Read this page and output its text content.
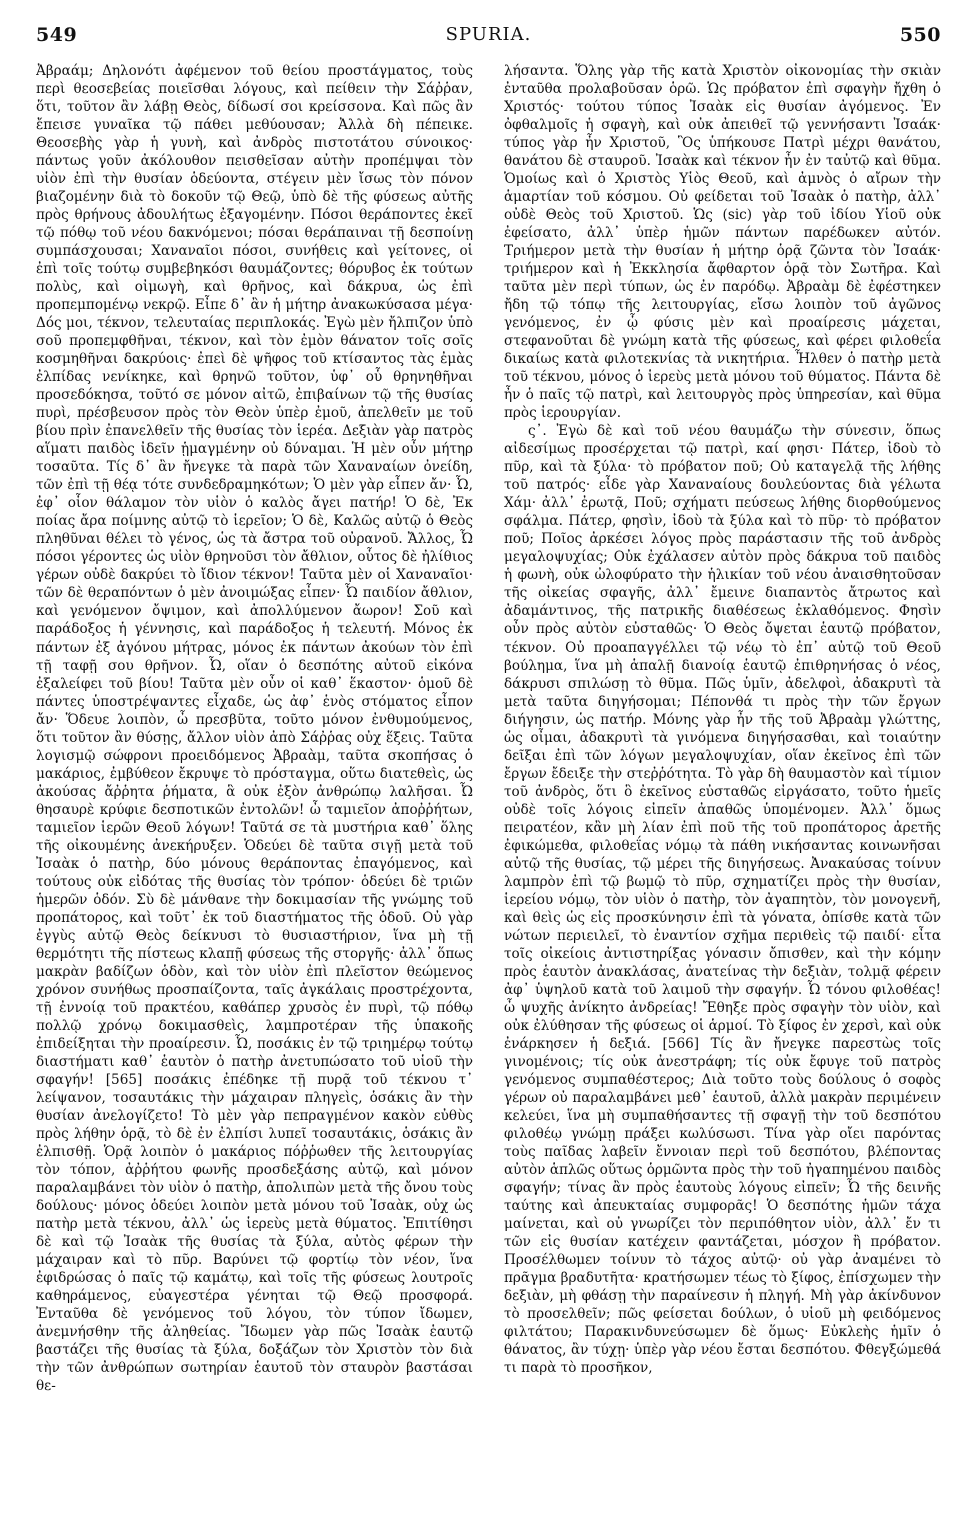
549	SPURIA.	550

Ἀβραάμ; Δηλονότι ἀφέμενον τοῦ θείου προστάγματος, τοὺς περὶ θεοσεβείας ποιεῖσθαι λόγους, καὶ πείθειν τὴν Σάῤῥαν, ὅτι, τοῦτον ἂν λάβῃ Θεὸς, δίδωσί σοι κρείσσονα. Καὶ πῶς ἂν ἔπεισε γυναῖκα τῷ πάθει μεθύουσαν; Ἀλλὰ δὴ πέπεικε. Θεοσεβὴς γὰρ ἡ γυνὴ, καὶ ἀνδρὸς πιστοτάτου σύνοικος· πάντως γοῦν ἀκόλουθον πεισθεῖσαν αὐτὴν προπέμψαι τὸν υἱὸν ἐπὶ τὴν θυσίαν ὁδεύοντα, στέγειν μὲν ἴσως τὸν πόνον βιαζομένην διὰ τὸ δοκοῦν τῷ Θεῷ, ὑπὸ δὲ τῆς φύσεως αὐτῆς πρὸς θρήνους ἀδουλήτως ἐξαγομένην. Πόσοι θεράποντες ἐκεῖ τῷ πόθῳ τοῦ νέου δακνόμενοι; πόσαι θεράπαιναι τῇ δεσποίνῃ συμπάσχουσαι; Χαναναῖοι πόσοι, συνήθεις καὶ γείτονες, οἱ ἐπὶ τοῖς τούτῳ συμβεβηκόσι θαυμάζοντες; θόρυβος ἐκ τούτων πολὺς, καὶ οἰμωγὴ, καὶ θρῆνος, καὶ δάκρυα, ὡς ἐπὶ προπεμπομένῳ νεκρῷ. Εἶπε δ᾽ ἂν ἡ μήτηρ ἀνακωκύσασα μέγα· Δός μοι, τέκνον, τελευταίας περιπλοκάς. Ἐγὼ μὲν ἤλπιζον ὑπὸ σοῦ προπεμφθῆναι, τέκνον, καὶ τὸν ἐμὸν θάνατον τοῖς σοῖς κοσμηθῆναι δακρύοις· ἐπεὶ δὲ ψῆφος τοῦ κτίσαντος τὰς ἐμὰς ἐλπίδας νενίκηκε, καὶ θρηνῶ τοῦτον, ὑφ᾽ οὗ θρηνηθῆναι προσεδόκησα, τοῦτό σε μόνον αἰτῶ, ἐπιβαίνων τῷ τῆς θυσίας πυρὶ, πρέσβευσον πρὸς τὸν Θεὸν ὑπὲρ ἐμοῦ, ἀπελθεῖν με τοῦ βίου πρὶν ἐπανελθεῖν τῆς θυσίας τὸν ἱερέα. Δεξιὰν γὰρ πατρὸς αἵματι παιδὸς ἰδεῖν ᾑμαγμένην οὐ δύναμαι. Ἡ μὲν οὖν μήτηρ τοσαῦτα. Τίς δ᾽ ἂν ἤνεγκε τὰ παρὰ τῶν Χαναναίων ὀνείδη, τῶν ἐπὶ τῇ θέᾳ τότε συνδεδραμηκότων; Ὁ μὲν γὰρ εἶπεν ἄν· Ὦ, ἐφ᾽ οἷον θάλαμον τὸν υἱὸν ὁ καλὸς ἄγει πατήρ! Ὁ δὲ, Ἐκ ποίας ἄρα ποίμνης αὐτῷ τὸ ἱερεῖον; Ὁ δὲ, Καλῶς αὐτῷ ὁ Θεὸς πληθῦναι θέλει τὸ γένος, ὡς τὰ ἄστρα τοῦ οὐρανοῦ. Ἄλλος, Ὦ πόσοι γέροντες ὡς υἱὸν θρηνοῦσι τὸν ἄθλιον, οὗτος δὲ ἠλίθιος γέρων οὐδὲ δακρύει τὸ ἴδιον τέκνον! Ταῦτα μὲν οἱ Χαναναῖοι· τῶν δὲ θεραπόντων ὁ μὲν ἀνοιμώξας εἶπεν· Ὦ παιδίον ἄθλιον, καὶ γενόμενον ὄψιμον, καὶ ἀπολλύμενον ἄωρον! Σοῦ καὶ παράδοξος ἡ γέννησις, καὶ παράδοξος ἡ τελευτή. Μόνος ἐκ πάντων ἐξ ἀγόνου μήτρας, μόνος ἐκ πάντων ἀκούων τὸν ἐπὶ τῇ ταφῇ σου θρῆνον. Ὦ, οἵαν ὁ δεσπότης αὐτοῦ εἰκόνα ἐξαλείφει τοῦ βίου! Ταῦτα μὲν οὖν οἱ καθ᾽ ἕκαστον· ὁμοῦ δὲ πάντες ὑποστρέψαντες εἶχαδε, ὡς ἀφ᾽ ἑνὸς στόματος εἶπον ἄν· Ὅδευε λοιπὸν, ὦ πρεσβῦτα, τοῦτο μόνον ἐνθυμούμενος, ὅτι τοῦτον ἂν θύσῃς, ἄλλον υἱὸν ἀπὸ Σάῤῥας οὐχ ἕξεις. Ταῦτα λογισμῷ σώφρονι προειδόμενος Ἀβραὰμ, ταῦτα σκοπήσας ὁ μακάριος, ἐμβύθεον ἔκρυψε τὸ πρόσταγμα, οὕτω διατεθεὶς, ὡς ἀκούσας ἄῤῥητα ῥήματα, ἃ οὐκ ἐξὸν ἀνθρώπῳ λαλῆσαι. Ὦ θησαυρὲ κρύφιε δεσποτικῶν ἐντολῶν! ὦ ταμιεῖον ἀποῤῥήτων, ταμιεῖον ἱερῶν Θεοῦ λόγων! Ταῦτά σε τὰ μυστήρια καθ᾽ ὅλης τῆς οἰκουμένης ἀνεκήρυξεν. Ὁδεύει δὲ ταῦτα σιγῇ μετὰ τοῦ Ἰσαὰκ ὁ πατὴρ, δύο μόνους θεράποντας ἐπαγόμενος, καὶ τούτους οὐκ εἰδότας τῆς θυσίας τὸν τρόπον· ὁδεύει δὲ τριῶν ἡμερῶν ὁδόν. Σὺ δὲ μάνθανε τὴν δοκιμασίαν τῆς γνώμης τοῦ προπάτορος, καὶ τοῦτ᾽ ἐκ τοῦ διαστήματος τῆς ὁδοῦ. Οὐ γὰρ ἐγγὺς αὐτῷ Θεὸς δείκνυσι τὸ θυσιαστήριον, ἵνα μὴ τῇ θερμότητι τῆς πίστεως κλαπῇ φύσεως τῆς στοργῆς· ἀλλ᾽ ὅπως μακρὰν βαδίζων ὁδὸν, καὶ τὸν υἱὸν ἐπὶ πλεῖστον θεώμενος χρόνον συνήθως προσπαίζοντα, ταῖς ἀγκάλαις προστρέχοντα, τῇ ἐννοίᾳ τοῦ πρακτέου, καθάπερ χρυσὸς ἐν πυρὶ, τῷ πόθῳ πολλῷ χρόνῳ δοκιμασθεὶς, λαμπροτέραν τῆς ὑπακοῆς ἐπιδείξηται τὴν προαίρεσιν. Ὦ, ποσάκις ἐν τῷ τριημέρῳ τούτῳ διαστήματι καθ᾽ ἑαυτὸν ὁ πατὴρ ἀνετυπώσατο τοῦ υἱοῦ τὴν σφαγήν! [565] ποσάκις ἐπέδηκε τῇ πυρᾷ τοῦ τέκνου τ᾽ λείψανον, τοσαυτάκις τὴν μάχαιραν πληγεὶς, ὁσάκις ἂν τὴν θυσίαν ἀνελογίζετο! Τὸ μὲν γὰρ πεπραγμένον κακὸν εὐθὺς πρὸς λήθην ὁρᾷ, τὸ δὲ ἐν ἐλπίσι λυπεῖ τοσαυτάκις, ὁσάκις ἂν ἐλπισθῇ. Ὁρᾷ λοιπὸν ὁ μακάριος πόῤῥωθεν τῆς λειτουργίας τὸν τόπον, ἀῤῥήτου φωνῆς προσδεξάσης αὐτῷ, καὶ μόνον παραλαμβάνει τὸν υἱὸν ὁ πατὴρ, ἀπολιπὼν μετὰ τῆς ὄνου τοὺς δούλους· μόνος ὁδεύει λοιπὸν μετὰ μόνου τοῦ Ἰσαὰκ, οὐχ ὡς πατὴρ μετὰ τέκνου, ἀλλ᾽ ὡς ἱερεὺς μετὰ θύματος. Ἐπιτίθησι δὲ καὶ τῷ Ἰσαὰκ τῆς θυσίας τὰ ξύλα, αὐτὸς φέρων τὴν μάχαιραν καὶ τὸ πῦρ. Βαρύνει τῷ φορτίῳ τὸν νέον, ἵνα ἐφιδρώσας ὁ παῖς τῷ καμάτῳ, καὶ τοῖς τῆς φύσεως λουτροῖς καθηράμενος, εὐαγεστέρα γένηται τῷ Θεῷ προσφορά. Ἐνταῦθα δὲ γενόμενος τοῦ λόγου, τὸν τύπον ἴδωμεν, ἀνεμνήσθην τῆς ἀληθείας. Ἴδωμεν γὰρ πῶς Ἰσαὰκ ἑαυτῷ βαστάζει τῆς θυσίας τὰ ξύλα, δοξάζων τὸν Χριστὸν τὸν διὰ τὴν τῶν ἀνθρώπων σωτηρίαν ἑαυτοῦ τὸν σταυρὸν βαστάσαι θε-

λήσαντα. Ὅλης γὰρ τῆς κατὰ Χριστὸν οἰκονομίας τὴν σκιὰν ἐνταῦθα προλαβοῦσαν ὁρῶ. Ὡς πρόβατον ἐπὶ σφαγὴν ἤχθη ὁ Χριστός· τούτου τύπος Ἰσαὰκ εἰς θυσίαν ἀγόμενος. Ἐν ὀφθαλμοῖς ἡ σφαγὴ, καὶ οὐκ ἀπειθεῖ τῷ γεννήσαντι Ἰσαάκ· τύπος γὰρ ἦν Χριστοῦ, Ὃς ὑπήκουσε Πατρὶ μέχρι θανάτου, θανάτου δὲ σταυροῦ. Ἰσαὰκ καὶ τέκνον ἦν ἐν ταὐτῷ καὶ θῦμα. Ὁμοίως καὶ ὁ Χριστὸς Υἱὸς Θεοῦ, καὶ ἀμνὸς ὁ αἴρων τὴν ἁμαρτίαν τοῦ κόσμου. Οὐ φείδεται τοῦ Ἰσαὰκ ὁ πατὴρ, ἀλλ᾽ οὐδὲ Θεὸς τοῦ Χριστοῦ. Ὡς (sic) γὰρ τοῦ ἰδίου Υἱοῦ οὐκ ἐφείσατο, ἀλλ᾽ ὑπὲρ ἡμῶν πάντων παρέδωκεν αὐτόν. Τριήμερον μετὰ τὴν θυσίαν ἡ μήτηρ ὁρᾷ ζῶντα τὸν Ἰσαάκ· τριήμερον καὶ ἡ Ἐκκλησία ἄφθαρτον ὁρᾷ τὸν Σωτῆρα. Καὶ ταῦτα μὲν περὶ τύπων, ὡς ἐν παρόδῳ. Ἀβραὰμ δὲ ἐφέστηκεν ἤδη τῷ τόπῳ τῆς λειτουργίας, εἴσω λοιπὸν τοῦ ἀγῶνος γενόμενος, ἐν ᾧ φύσις μὲν καὶ προαίρεσις μάχεται, στεφανοῦται δὲ γνώμη κατὰ τῆς φύσεως, καὶ φέρει φιλοθεΐα δικαίως κατὰ φιλοτεκνίας τὰ νικητήρια. Ἦλθεν ὁ πατὴρ μετὰ τοῦ τέκνου, μόνος ὁ ἱερεὺς μετὰ μόνου τοῦ θύματος. Πάντα δὲ ἦν ὁ παῖς τῷ πατρὶ, καὶ λειτουργὸς πρὸς ὑπηρεσίαν, καὶ θῦμα πρὸς ἱερουργίαν.

ς᾽. Ἐγὼ δὲ καὶ τοῦ νέου θαυμάζω τὴν σύνεσιν, ὅπως αἰδεσίμως προσέρχεται τῷ πατρὶ, καί φησι· Πάτερ, ἰδοὺ τὸ πῦρ, καὶ τὰ ξύλα· τὸ πρόβατον ποῦ; Οὐ καταγελᾷ τῆς λήθης τοῦ πατρός· εἶδε γὰρ Χαναναίους δουλεύοντας διὰ γέλωτα Χάμ· ἀλλ᾽ ἐρωτᾷ, Ποῦ; σχήματι πεύσεως λήθης διορθούμενος σφάλμα. Πάτερ, φησὶν, ἰδοὺ τὰ ξύλα καὶ τὸ πῦρ· τὸ πρόβατον ποῦ; Ποῖος ἀρκέσει λόγος πρὸς παράστασιν τῆς τοῦ ἀνδρὸς μεγαλοψυχίας; Οὐκ ἐχάλασεν αὐτὸν πρὸς δάκρυα τοῦ παιδὸς ἡ φωνὴ, οὐκ ὠλοφύρατο τὴν ἡλικίαν τοῦ νέου ἀναισθητοῦσαν τῆς οἰκείας σφαγῆς, ἀλλ᾽ ἔμεινε διαπαντὸς ἄτρωτος καὶ ἀδαμάντινος, τῆς πατρικῆς διαθέσεως ἐκλαθόμενος. Φησὶν οὖν πρὸς αὐτὸν εὐσταθῶς· Ὁ Θεὸς ὄψεται ἑαυτῷ πρόβατον, τέκνον. Οὐ προαπαγγέλλει τῷ νέῳ τὸ ἐπ᾽ αὐτῷ τοῦ Θεοῦ βούλημα, ἵνα μὴ ἁπαλῇ διανοίᾳ ἑαυτῷ ἐπιθρηνήσας ὁ νέος, δάκρυσι σπιλώσῃ τὸ θῦμα. Πῶς ὑμῖν, ἀδελφοὶ, ἀδακρυτὶ τὰ μετὰ ταῦτα διηγήσομαι; Πέπονθά τι πρὸς τὴν τῶν ἔργων διήγησιν, ὡς πατήρ. Μόνης γὰρ ἦν τῆς τοῦ Ἀβραὰμ γλώττης, ὡς οἶμαι, ἀδακρυτὶ τὰ γινόμενα διηγήσασθαι, καὶ τοιαύτην δεῖξαι ἐπὶ τῶν λόγων μεγαλοψυχίαν, οἵαν ἐκεῖνος ἐπὶ τῶν ἔργων ἔδειξε τὴν στεῤῥότητα. Τὸ γὰρ δὴ θαυμαστὸν καὶ τίμιον τοῦ ἀνδρὸς, ὅτι ὃ ἐκεῖνος εὐσταθῶς εἰργάσατο, τοῦτο ἡμεῖς οὐδὲ τοῖς λόγοις εἰπεῖν ἀπαθῶς ὑπομένομεν. Ἀλλ᾽ ὅμως πειρατέον, κἂν μὴ λίαν ἐπὶ ποῦ τῆς τοῦ προπάτορος ἀρετῆς ἐφικώμεθα, φιλοθεΐας νόμῳ τὰ πάθη νικήσαντας κοινωνῆσαι αὐτῷ τῆς θυσίας, τῷ μέρει τῆς διηγήσεως. Ἀνακαύσας τοίνυν λαμπρὸν ἐπὶ τῷ βωμῷ τὸ πῦρ, σχηματίζει πρὸς τὴν θυσίαν, ἱερείου νόμῳ, τὸν υἱὸν ὁ πατὴρ, τὸν ἀγαπητὸν, τὸν μονογενῆ, καὶ θεὶς ὡς εἰς προσκύνησιν ἐπὶ τὰ γόνατα, ὀπίσθε κατὰ τῶν νώτων περιειλεῖ, τὸ ἐναντίον σχῆμα περιθεὶς τῷ παιδί· εἶτα τοῖς οἰκείοις ἀντιστηρίξας γόνασιν ὄπισθεν, καὶ τὴν κόμην πρὸς ἑαυτὸν ἀνακλάσας, ἀνατείνας τὴν δεξιὰν, τολμᾷ φέρειν ἀφ᾽ ὑψηλοῦ κατὰ τοῦ λαιμοῦ τὴν σφαγήν. Ὦ τόνου φιλοθέας! ὦ ψυχῆς ἀνίκητο ἀνδρείας! Ἔθηξε πρὸς σφαγὴν τὸν υἱὸν, καὶ οὐκ ἐλύθησαν τῆς φύσεως οἱ ἁρμοί. Τὸ ξίφος ἐν χερσὶ, καὶ οὐκ ἐνάρκησεν ἡ δεξιά. [566] Τίς ἂν ἤνεγκε παρεστὼς τοῖς γινομένοις; τίς οὐκ ἀνεστράφη; τίς οὐκ ἔφυγε τοῦ πατρὸς γενόμενος συμπαθέστερος; Διὰ τοῦτο τοὺς δούλους ὁ σοφὸς γέρων οὐ παραλαμβάνει μεθ᾽ ἑαυτοῦ, ἀλλὰ μακρὰν περιμένειν κελεύει, ἵνα μὴ συμπαθήσαντες τῇ σφαγῇ τὴν τοῦ δεσπότου φιλοθέῳ γνώμῃ πράξει κωλύσωσι. Τίνα γὰρ οἴει παρόντας τοὺς παῖδας λαβεῖν ἔννοιαν περὶ τοῦ δεσπότου, βλέποντας αὐτὸν ἁπλῶς οὕτως ὁρμῶντα πρὸς τὴν τοῦ ἠγαπημένου παιδὸς σφαγήν; τίνας ἂν πρὸς ἑαυτοὺς λόγους εἰπεῖν; Ὦ τῆς δεινῆς ταύτης καὶ ἀπευκταίας συμφορᾶς! Ὁ δεσπότης ἡμῶν τάχα μαίνεται, καὶ οὐ γνωρίζει τὸν περιπόθητον υἱὸν, ἀλλ᾽ ἔν τι τῶν εἰς θυσίαν κατέχειν φαντάζεται, μόσχον ἢ πρόβατον. Προσέλθωμεν τοίνυν τὸ τάχος αὐτῷ· οὐ γὰρ ἀναμένει τὸ πρᾶγμα βραδυτῆτα· κρατήσωμεν τέως τὸ ξίφος, ἐπίσχωμεν τὴν δεξιὰν, μὴ φθάσῃ τὴν παραίνεσιν ἡ πληγή. Μὴ γὰρ ἀκίνδυνον τὸ προσελθεῖν; πῶς φείσεται δούλων, ὁ υἱοῦ μὴ φειδόμενος φιλτάτου; Παρακινδυνεύσωμεν δὲ ὅμως· Εὐκλεὴς ἡμῖν ὁ θάνατος, ἂν τύχῃ· ὑπὲρ γὰρ νέου ἔσται δεσπότου. Φθεγξώμεθά τι παρὰ τὸ προσῆκον,
